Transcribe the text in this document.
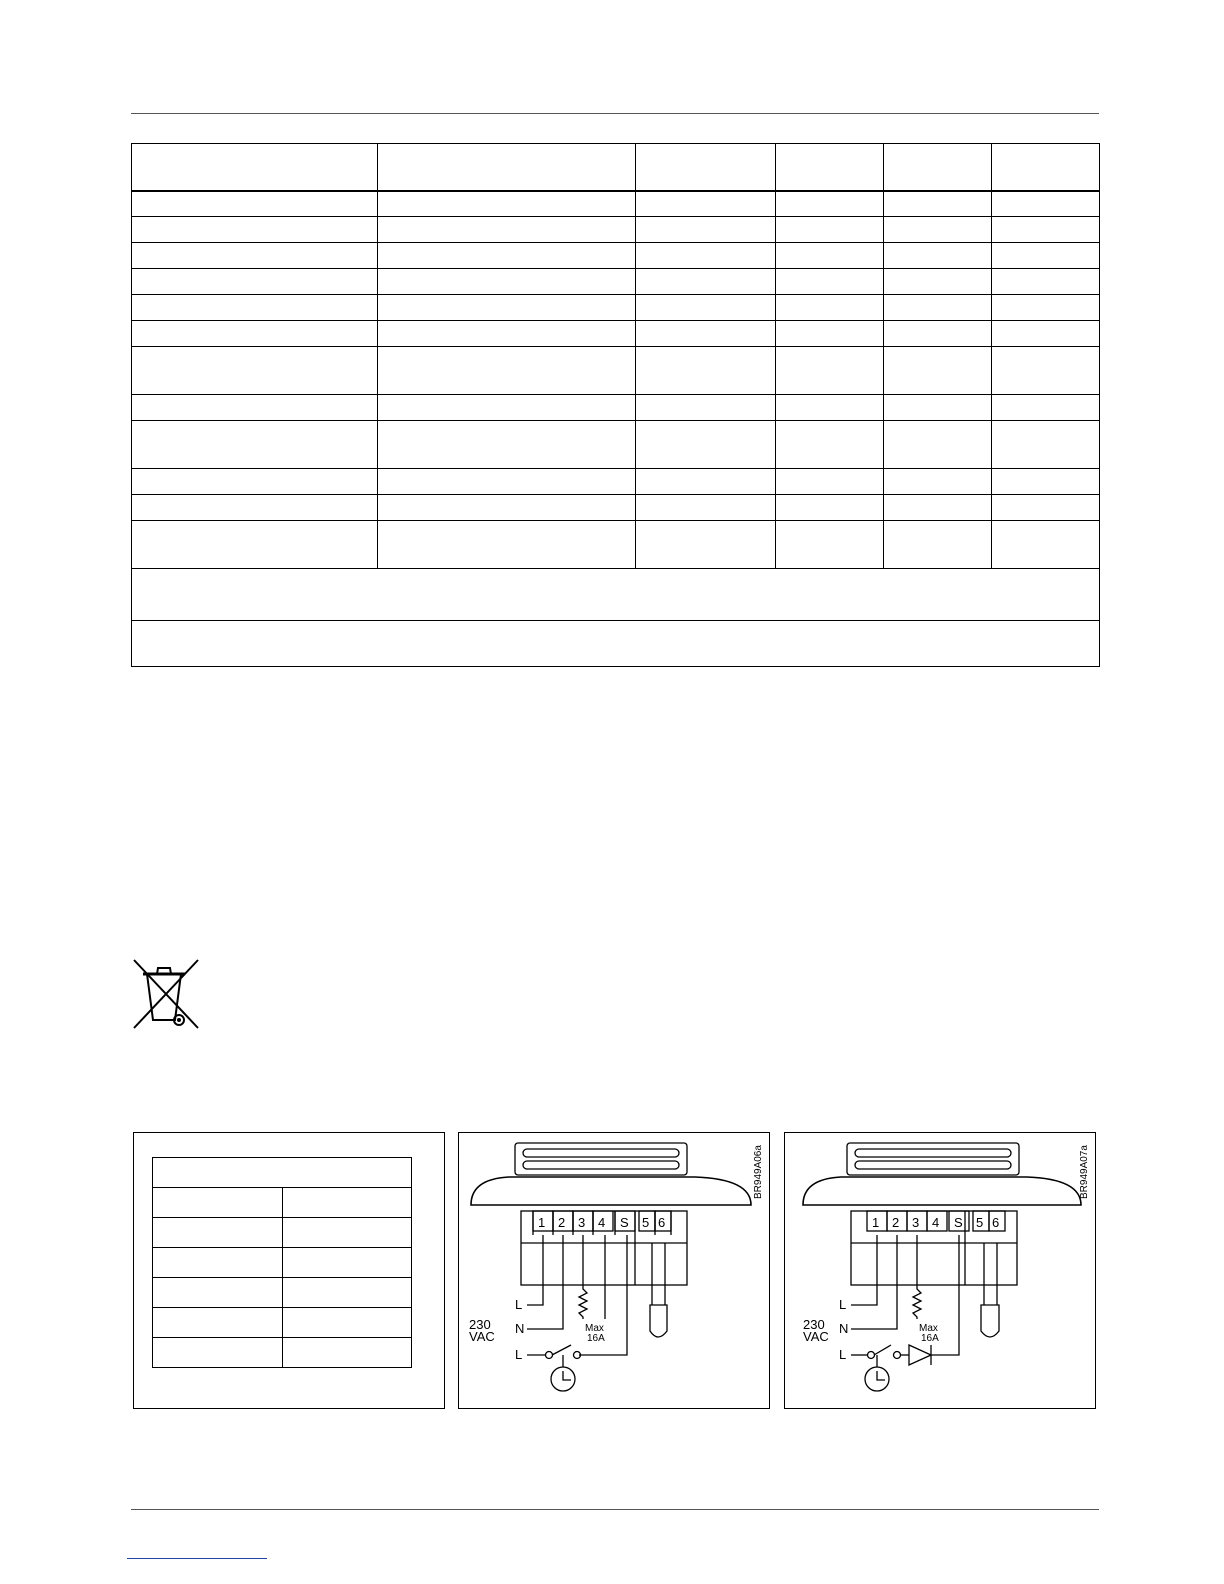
1 2 3 4 S 5 6
L
N
L
230 VAC
Max 16A
BR949A06a
1 2 3 4 S 5 6
L
N
L
230 VAC
Max 16A
BR949A07a
